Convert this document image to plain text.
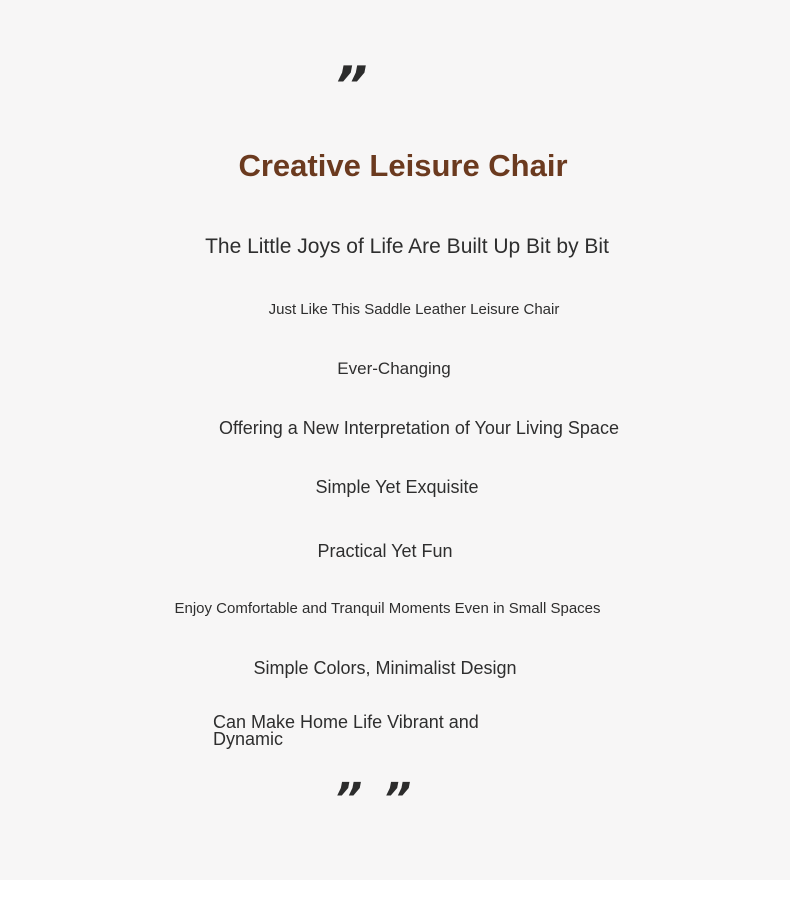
”
Creative Leisure Chair
The Little Joys of Life Are Built Up Bit by Bit
Just Like This Saddle Leather Leisure Chair
Ever-Changing
Offering a New Interpretation of Your Living Space
Simple Yet Exquisite
Practical Yet Fun
Enjoy Comfortable and Tranquil Moments Even in Small Spaces
Simple Colors, Minimalist Design
Can Make Home Life Vibrant and Dynamic
” ”
